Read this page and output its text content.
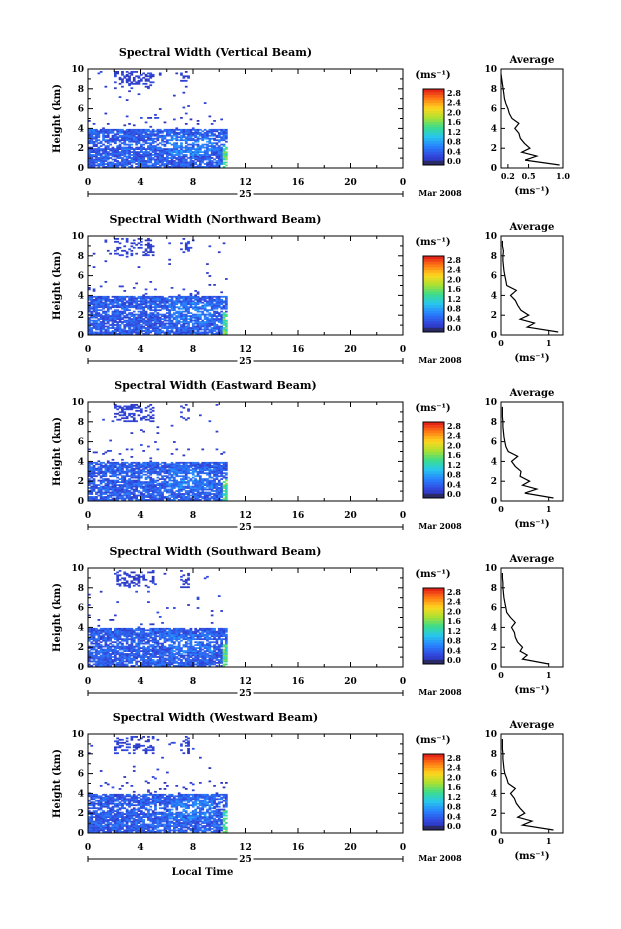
Spectral Width (Vertical Beam)
0
2
4
6
8
10
Height (km)
0	4	8	12	16	20	0
25	Mar 2008
(ms⁻¹)
2.8
2.4
2.0
1.6
1.2
0.8
0.4
0.0
Average
0
2
4
6
8
10
0.2 0.5	1.0
(ms⁻¹)
Spectral Width (Northward Beam)
0
2
4
6
8
10
Height (km)
0	4	8	12	16	20	0
25	Mar 2008
(ms⁻¹)
2.8
2.4
2.0
1.6
1.2
0.8
0.4
0.0
Average
0
2
4
6
8
10
0	1
(ms⁻¹)
Spectral Width (Eastward Beam)
0
2
4
6
8
10
Height (km)
0	4	8	12	16	20	0
25	Mar 2008
(ms⁻¹)
2.8
2.4
2.0
1.6
1.2
0.8
0.4
0.0
Average
0
2
4
6
8
10
0	1
(ms⁻¹)
Spectral Width (Southward Beam)
0
2
4
6
8
10
Height (km)
0	4	8	12	16	20	0
25	Mar 2008
(ms⁻¹)
2.8
2.4
2.0
1.6
1.2
0.8
0.4
0.0
Average
0
2
4
6
8
10
0	1
(ms⁻¹)
Spectral Width (Westward Beam)
0
2
4
6
8
10
Height (km)
0	4	8	12	16	20	0
25	Mar 2008
Local Time
(ms⁻¹)
2.8
2.4
2.0
1.6
1.2
0.8
0.4
0.0
Average
0
2
4
6
8
10
0	1
(ms⁻¹)
